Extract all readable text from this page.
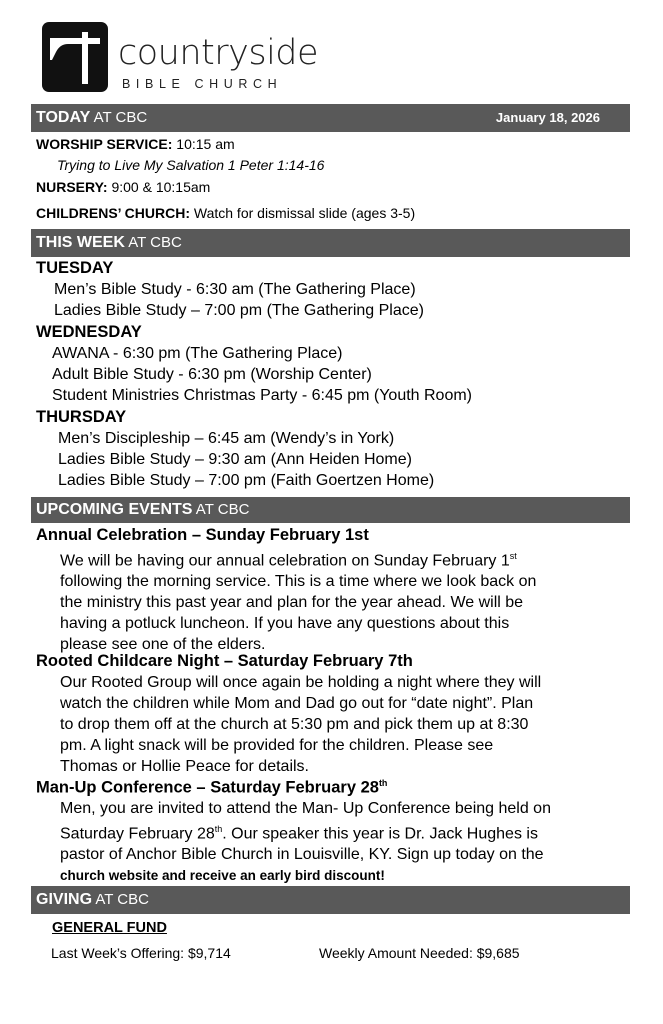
countryside
BIBLE CHURCH
TODAY AT CBC	January 18, 2026
WORSHIP SERVICE: 10:15 am
Trying to Live My Salvation 1 Peter 1:14-16
NURSERY: 9:00 & 10:15am
CHILDRENS’ CHURCH: Watch for dismissal slide (ages 3-5)
THIS WEEK AT CBC
TUESDAY
Men’s Bible Study - 6:30 am (The Gathering Place)
Ladies Bible Study – 7:00 pm (The Gathering Place)
WEDNESDAY
AWANA - 6:30 pm (The Gathering Place)
Adult Bible Study - 6:30 pm (Worship Center)
Student Ministries Christmas Party - 6:45 pm (Youth Room)
THURSDAY
Men’s Discipleship – 6:45 am (Wendy’s in York)
Ladies Bible Study – 9:30 am (Ann Heiden Home)
Ladies Bible Study – 7:00 pm (Faith Goertzen Home)
UPCOMING EVENTS AT CBC
Annual Celebration – Sunday February 1st
We will be having our annual celebration on Sunday February 1st
following the morning service. This is a time where we look back on
the ministry this past year and plan for the year ahead. We will be
having a potluck luncheon. If you have any questions about this
please see one of the elders.
Rooted Childcare Night – Saturday February 7th
Our Rooted Group will once again be holding a night where they will
watch the children while Mom and Dad go out for “date night”. Plan
to drop them off at the church at 5:30 pm and pick them up at 8:30
pm. A light snack will be provided for the children. Please see
Thomas or Hollie Peace for details.
Man-Up Conference – Saturday February 28th
Men, you are invited to attend the Man- Up Conference being held on
Saturday February 28th. Our speaker this year is Dr. Jack Hughes is
pastor of Anchor Bible Church in Louisville, KY. Sign up today on the
church website and receive an early bird discount!
GIVING AT CBC
GENERAL FUND
Last Week’s Offering: $9,714	Weekly Amount Needed: $9,685
